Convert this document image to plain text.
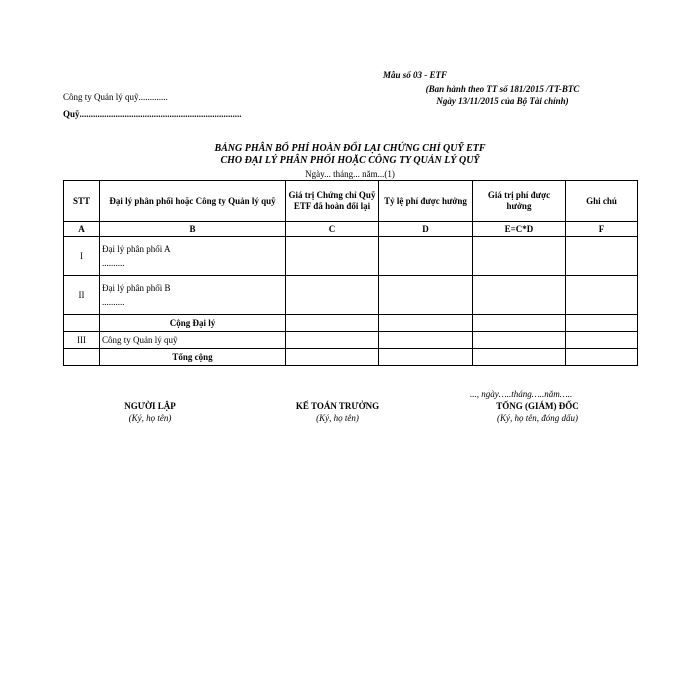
Mẫu số 03 - ETF
(Ban hành theo TT số 181/2015 /TT-BTC
Ngày 13/11/2015 của Bộ Tài chính)
Công ty Quản lý quỹ.............
Quỹ........................................................................
BẢNG PHÂN BỔ PHÍ HOÀN ĐỔI LẠI CHỨNG CHỈ QUỸ ETF
CHO ĐẠI LÝ PHÂN PHỐI HOẶC CÔNG TY QUẢN LÝ QUỸ
Ngày... tháng... năm...(1)
STT	Đại lý phân phối hoặc Công ty Quản lý quỹ	Giá trị Chứng chỉ Quỹ ETF đã hoàn đổi lại	Tỷ lệ phí được hưởng	Giá trị phí được hưởng	Ghi chú
A	B	C	D	E=C*D	F
I	Đại lý phân phối A
..........				

II	Đại lý phân phối B
..........				

	Cộng Đại lý				
III	Công ty Quản lý quỹ				
	Tổng cộng				
..., ngày…..tháng…..năm…..
NGƯỜI LẬP
(Ký, họ tên)
KẾ TOÁN TRƯỞNG
(Ký, họ tên)
TỔNG (GIÁM) ĐỐC
(Ký, họ tên, đóng dấu)
